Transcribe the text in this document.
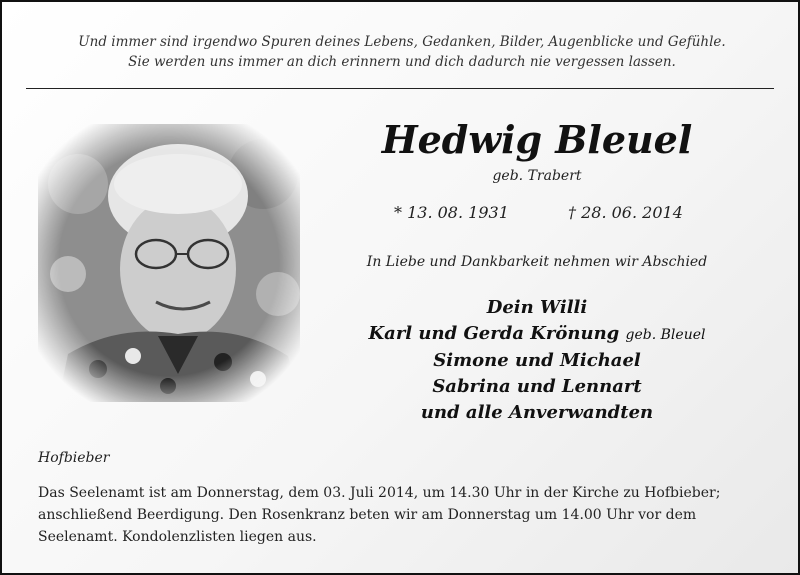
Und immer sind irgendwo Spuren deines Lebens, Gedanken, Bilder, Augenblicke und Gefühle.
Sie werden uns immer an dich erinnern und dich dadurch nie vergessen lassen.
Hedwig Bleuel
geb. Trabert
* 13. 08. 1931	† 28. 06. 2014
In Liebe und Dankbarkeit nehmen wir Abschied
Dein Willi
Karl und Gerda Krönung geb. Bleuel
Simone und Michael
Sabrina und Lennart
und alle Anverwandten
Hofbieber
Das Seelenamt ist am Donnerstag, dem 03. Juli 2014, um 14.30 Uhr in der Kirche zu Hofbieber;
anschließend Beerdigung. Den Rosenkranz beten wir am Donnerstag um 14.00 Uhr vor dem
Seelenamt. Kondolenzlisten liegen aus.
